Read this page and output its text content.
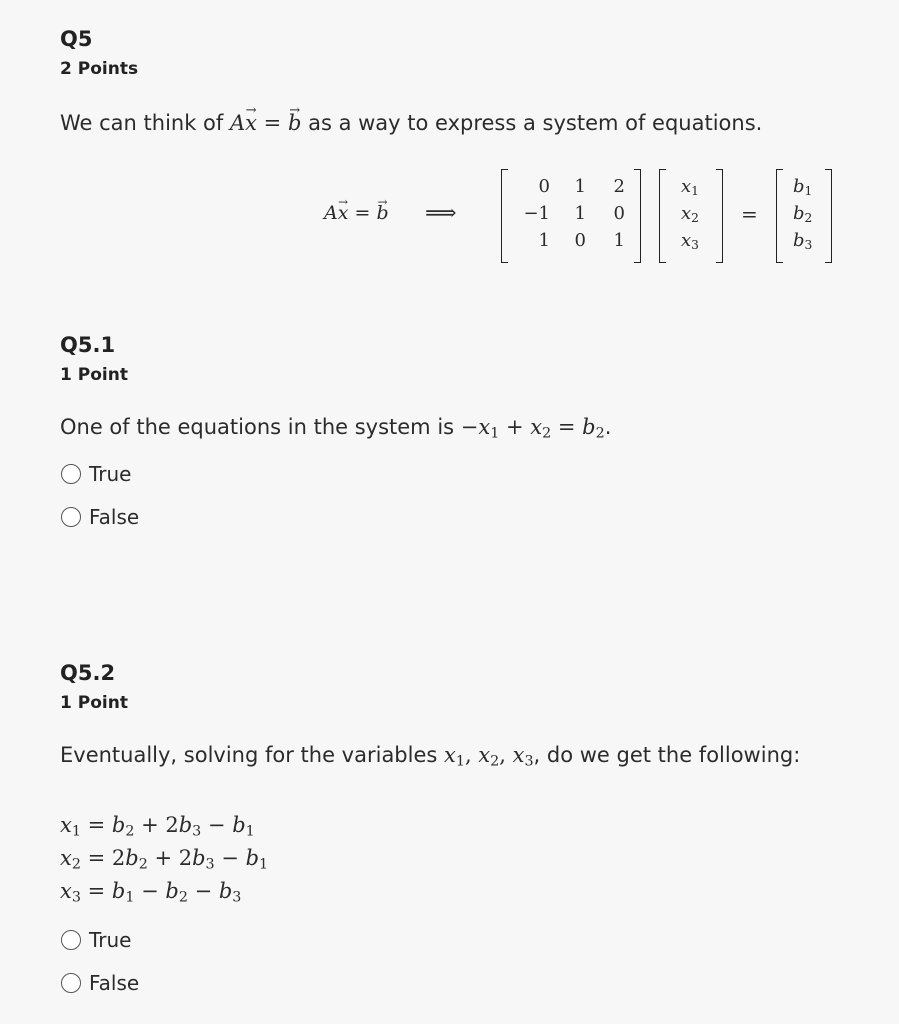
Q5
2 Points
We can think of A→ x = → b as a way to express a system of equations.
A→ x = → b ⟹
0	1	2
−1	1	0
1	0	1
$x_1$
$x_2$
$x_3$
=
$b_1$
$b_2$
$b_3$
Q5.1
1 Point
One of the equations in the system is $-x_1 + x_2 = b_2$.
True
False
Q5.2
1 Point
Eventually, solving for the variables $x_1$, $x_2$, $x_3$, do we get the following:
$x_1 = b_2 + 2b_3 - b_1$
$x_2 = 2b_2 + 2b_3 - b_1$
$x_3 = b_1 - b_2 - b_3$
True
False
